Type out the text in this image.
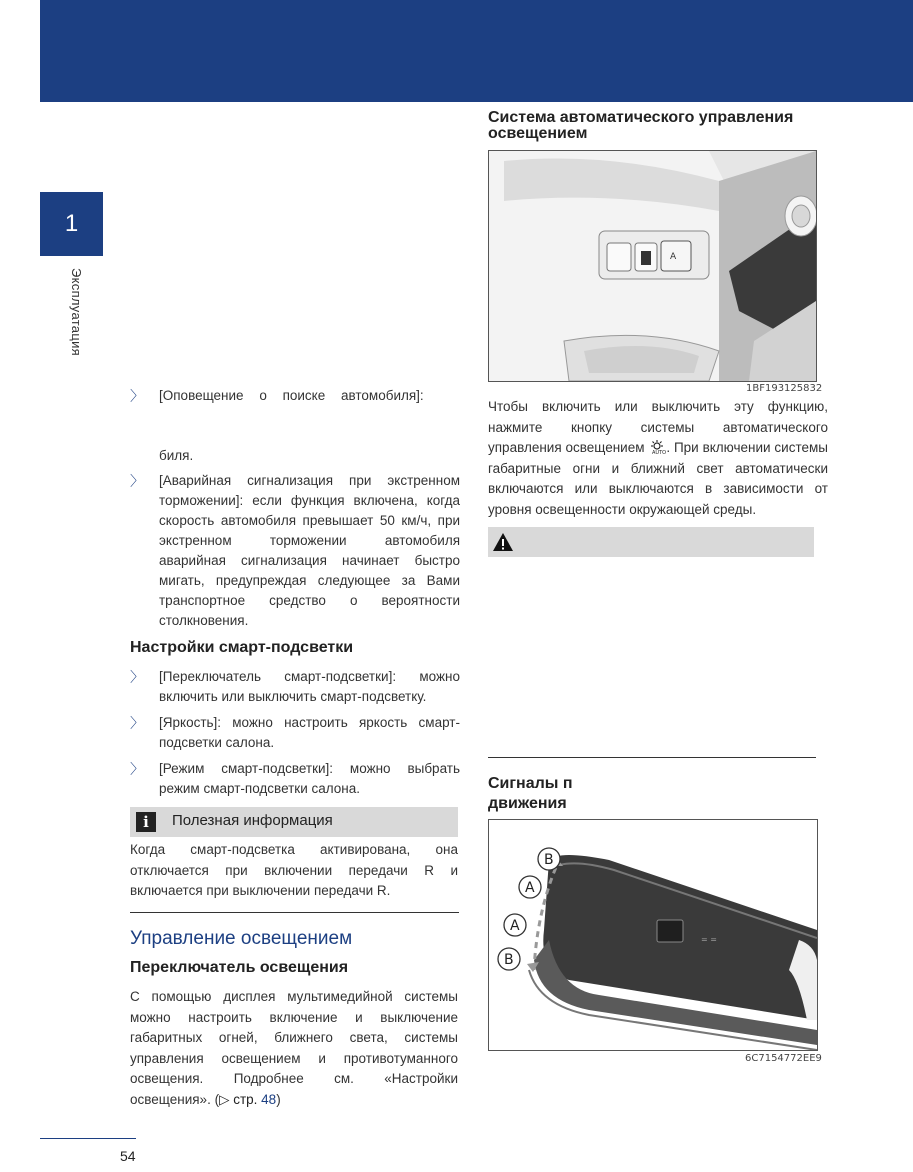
1
Эксплуатация
〉 [Оповещение о поиске автомобиля]:
биля.
〉 [Аварийная сигнализация при экстренном торможении]: если функция включена, когда скорость автомобиля превышает 50 км/ч, при экстренном торможении автомобиля аварийная сигнализация начинает быстро мигать, предупреждая следующее за Вами транспортное средство о вероятности столкновения.
Настройки смарт-подсветки
〉 [Переключатель смарт-подсветки]: можно включить или выключить смарт-подсветку.
〉 [Яркость]: можно настроить яркость смарт-подсветки салона.
〉 [Режим смарт-подсветки]: можно выбрать режим смарт-подсветки салона.
i	Полезная информация
Когда смарт-подсветка активирована, она отключается при включении передачи R и включается при выключении передачи R.
Управление освещением
Переключатель освещения
С помощью дисплея мультимедийной системы можно настроить включение и выключение габаритных огней, ближнего света, системы управления освещением и противотуманного освещения. Подробнее см. «Настройки освещения». (▷ стр. 48)
Система автоматического управления
освещением
A
1BF193125832
Чтобы включить или выключить эту функцию, нажмите кнопку системы автоматического управления освещением AUTO . При включении системы габаритные огни и ближний свет автоматически включаются или выключаются в зависимости от уровня освещенности окружающей среды.
Сигналы п
движения
= =
B
A
A
B
6C7154772EE9
54
